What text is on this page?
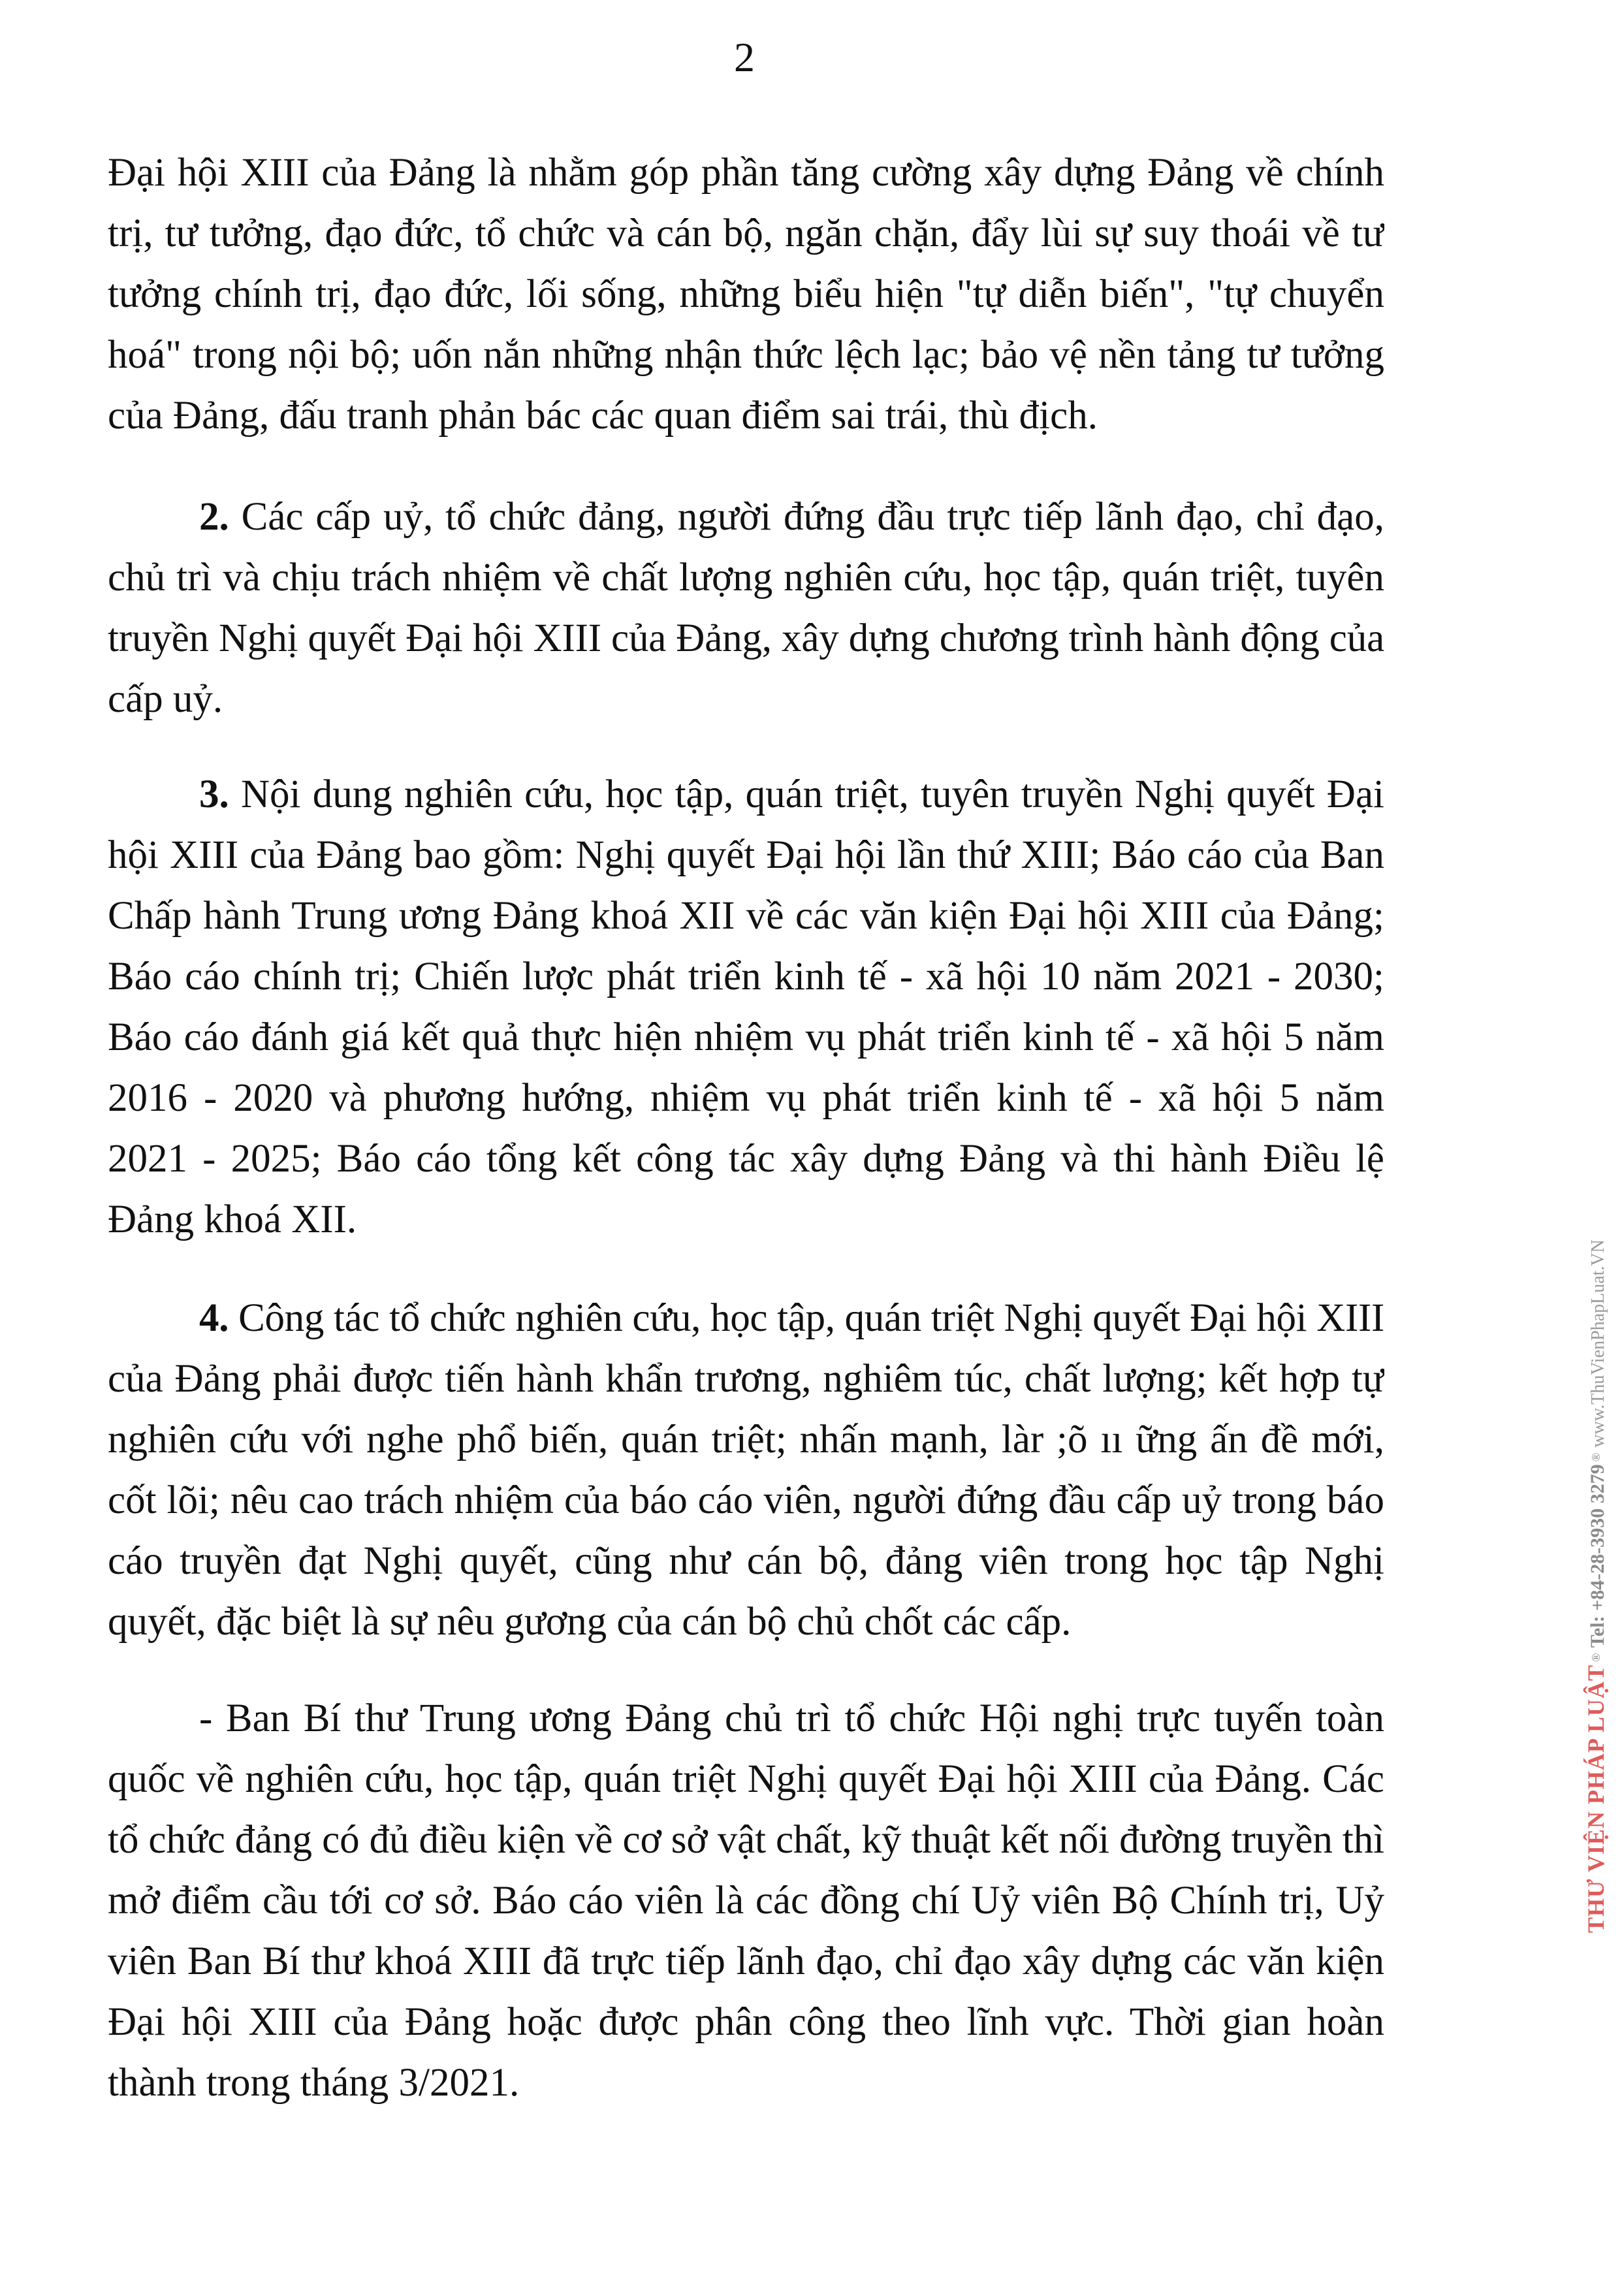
2
Đại hội XIII của Đảng là nhằm góp phần tăng cường xây dựng Đảng về chính
trị, tư tưởng, đạo đức, tổ chức và cán bộ, ngăn chặn, đẩy lùi sự suy thoái về tư
tưởng chính trị, đạo đức, lối sống, những biểu hiện "tự diễn biến", "tự chuyển
hoá" trong nội bộ; uốn nắn những nhận thức lệch lạc; bảo vệ nền tảng tư tưởng
của Đảng, đấu tranh phản bác các quan điểm sai trái, thù địch.
2. Các cấp uỷ, tổ chức đảng, người đứng đầu trực tiếp lãnh đạo, chỉ đạo,
chủ trì và chịu trách nhiệm về chất lượng nghiên cứu, học tập, quán triệt, tuyên
truyền Nghị quyết Đại hội XIII của Đảng, xây dựng chương trình hành động của
cấp uỷ.
3. Nội dung nghiên cứu, học tập, quán triệt, tuyên truyền Nghị quyết Đại
hội XIII của Đảng bao gồm: Nghị quyết Đại hội lần thứ XIII; Báo cáo của Ban
Chấp hành Trung ương Đảng khoá XII về các văn kiện Đại hội XIII của Đảng;
Báo cáo chính trị; Chiến lược phát triển kinh tế - xã hội 10 năm 2021 - 2030;
Báo cáo đánh giá kết quả thực hiện nhiệm vụ phát triển kinh tế - xã hội 5 năm
2016 - 2020 và phương hướng, nhiệm vụ phát triển kinh tế - xã hội 5 năm
2021 - 2025; Báo cáo tổng kết công tác xây dựng Đảng và thi hành Điều lệ
Đảng khoá XII.
4. Công tác tổ chức nghiên cứu, học tập, quán triệt Nghị quyết Đại hội XIII
của Đảng phải được tiến hành khẩn trương, nghiêm túc, chất lượng; kết hợp tự
nghiên cứu với nghe phổ biến, quán triệt; nhấn mạnh, làr ;õ ıı ững ấn đề mới,
cốt lõi; nêu cao trách nhiệm của báo cáo viên, người đứng đầu cấp uỷ trong báo
cáo truyền đạt Nghị quyết, cũng như cán bộ, đảng viên trong học tập Nghị
quyết, đặc biệt là sự nêu gương của cán bộ chủ chốt các cấp.
- Ban Bí thư Trung ương Đảng chủ trì tổ chức Hội nghị trực tuyến toàn
quốc về nghiên cứu, học tập, quán triệt Nghị quyết Đại hội XIII của Đảng. Các
tổ chức đảng có đủ điều kiện về cơ sở vật chất, kỹ thuật kết nối đường truyền thì
mở điểm cầu tới cơ sở. Báo cáo viên là các đồng chí Uỷ viên Bộ Chính trị, Uỷ
viên Ban Bí thư khoá XIII đã trực tiếp lãnh đạo, chỉ đạo xây dựng các văn kiện
Đại hội XIII của Đảng hoặc được phân công theo lĩnh vực. Thời gian hoàn
thành trong tháng 3/2021.
THƯ VIỆN PHÁP LUẬT® Tel: +84-28-3930 3279® www.ThuVienPhapLuat.VN
